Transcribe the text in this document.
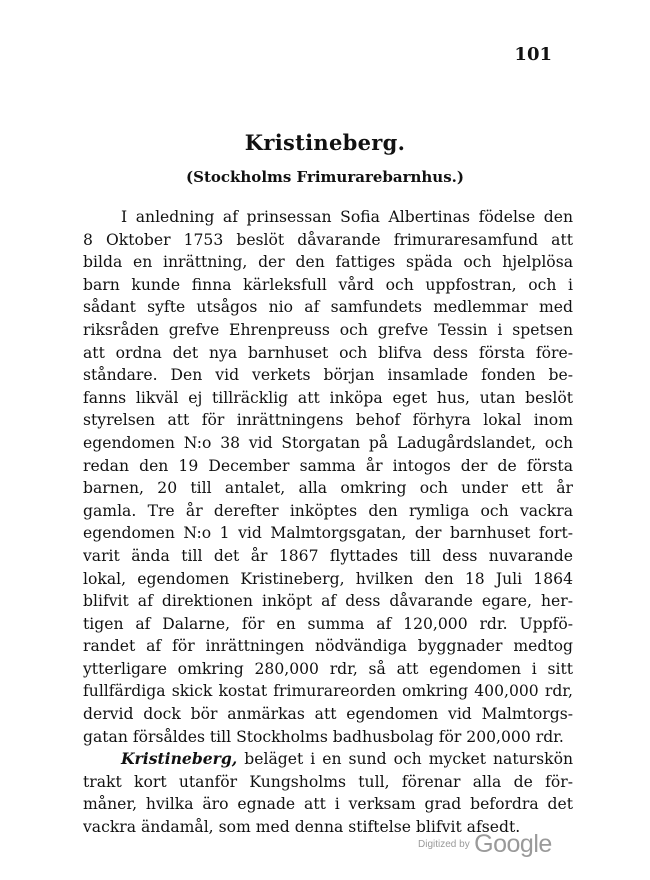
101
Kristineberg.
(Stockholms Frimurarebarnhus.)
I anledning af prinsessan Sofia Albertinas födelse den
8 Oktober 1753 beslöt dåvarande frimuraresamfund att
bilda en inrättning, der den fattiges späda och hjelplösa
barn kunde finna kärleksfull vård och uppfostran, och i
sådant syfte utsågos nio af samfundets medlemmar med
riksråden grefve Ehrenpreuss och grefve Tessin i spetsen
att ordna det nya barnhuset och blifva dess första före-
ståndare. Den vid verkets början insamlade fonden be-
fanns likväl ej tillräcklig att inköpa eget hus, utan beslöt
styrelsen att för inrättningens behof förhyra lokal inom
egendomen N:o 38 vid Storgatan på Ladugårdslandet, och
redan den 19 December samma år intogos der de första
barnen, 20 till antalet, alla omkring och under ett år
gamla. Tre år derefter inköptes den rymliga och vackra
egendomen N:o 1 vid Malmtorgsgatan, der barnhuset fort-
varit ända till det år 1867 flyttades till dess nuvarande
lokal, egendomen Kristineberg, hvilken den 18 Juli 1864
blifvit af direktionen inköpt af dess dåvarande egare, her-
tigen af Dalarne, för en summa af 120,000 rdr. Uppfö-
randet af för inrättningen nödvändiga byggnader medtog
ytterligare omkring 280,000 rdr, så att egendomen i sitt
fullfärdiga skick kostat frimurareorden omkring 400,000 rdr,
dervid dock bör anmärkas att egendomen vid Malmtorgs-
gatan försåldes till Stockholms badhusbolag för 200,000 rdr.
Kristineberg, beläget i en sund och mycket naturskön
trakt kort utanför Kungsholms tull, förenar alla de för-
måner, hvilka äro egnade att i verksam grad befordra det
vackra ändamål, som med denna stiftelse blifvit afsedt.
Digitized by Google
